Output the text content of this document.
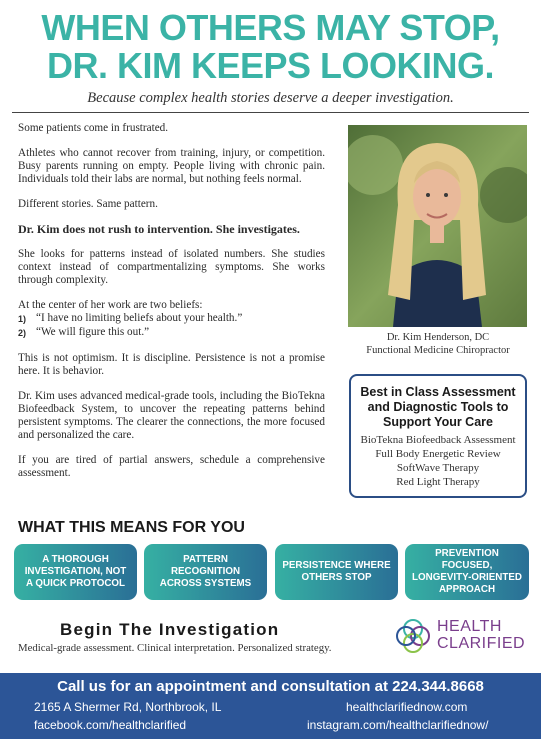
WHEN OTHERS MAY STOP,
DR. KIM KEEPS LOOKING.
Because complex health stories deserve a deeper investigation.

Some patients come in frustrated.

Athletes who cannot recover from training, injury, or competition. Busy parents running on empty. People living with chronic pain. Individuals told their labs are normal, but nothing feels normal.

Different stories. Same pattern.

Dr. Kim does not rush to intervention. She investigates.

She looks for patterns instead of isolated numbers. She studies context instead of compartmentalizing symptoms. She works through complexity.

At the center of her work are two beliefs:
1) “I have no limiting beliefs about your health.”
2) “We will figure this out.”

This is not optimism. It is discipline. Persistence is not a promise here. It is behavior.

Dr. Kim uses advanced medical-grade tools, including the BioTekna Biofeedback System, to uncover the repeating patterns behind persistent symptoms. The clearer the connections, the more focused and personalized the care.

If you are tired of partial answers, schedule a comprehensive assessment.

Dr. Kim Henderson, DC
Functional Medicine Chiropractor
Best in Class Assessment and Diagnostic Tools to Support Your Care
BioTekna Biofeedback Assessment
Full Body Energetic Review
SoftWave Therapy
Red Light Therapy
WHAT THIS MEANS FOR YOU
A THOROUGH INVESTIGATION, NOT A QUICK PROTOCOL
PATTERN RECOGNITION ACROSS SYSTEMS
PERSISTENCE WHERE OTHERS STOP
PREVENTION FOCUSED, LONGEVITY-ORIENTED APPROACH
Begin The Investigation
Medical-grade assessment. Clinical interpretation. Personalized strategy.
HEALTH
CLARIFIED
Call us for an appointment and consultation at 224.344.8668
2165 A Shermer Rd, Northbrook, IL	healthclarifiednow.com
facebook.com/healthclarified	instagram.com/healthclarifiednow/
